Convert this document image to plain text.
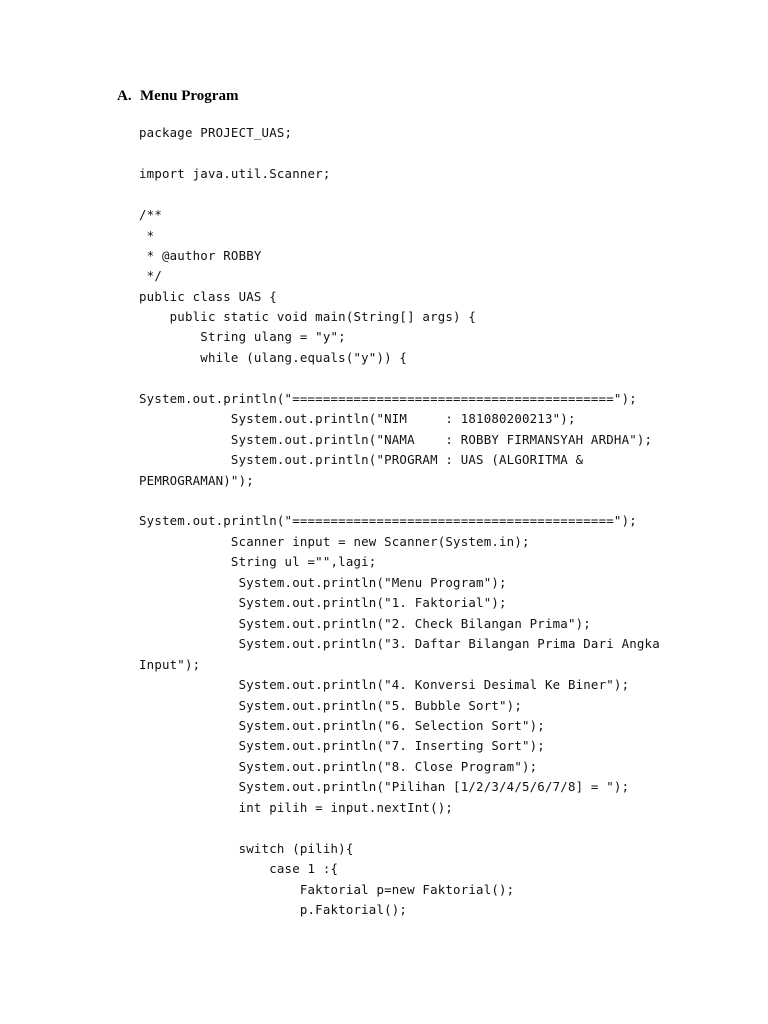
A. Menu Program
package PROJECT_UAS;
import java.util.Scanner;
/**
*
* @author ROBBY
*/
public class UAS {
public static void main(String[] args) {
String ulang = "y";
while (ulang.equals("y")) {
System.out.println("==========================================");
System.out.println("NIM     : 181080200213");
System.out.println("NAMA    : ROBBY FIRMANSYAH ARDHA");
System.out.println("PROGRAM : UAS (ALGORITMA &
PEMROGRAMAN)");
System.out.println("==========================================");
Scanner input = new Scanner(System.in);
String ul ="",lagi;
System.out.println("Menu Program");
System.out.println("1. Faktorial");
System.out.println("2. Check Bilangan Prima");
System.out.println("3. Daftar Bilangan Prima Dari Angka
Input");
System.out.println("4. Konversi Desimal Ke Biner");
System.out.println("5. Bubble Sort");
System.out.println("6. Selection Sort");
System.out.println("7. Inserting Sort");
System.out.println("8. Close Program");
System.out.println("Pilihan [1/2/3/4/5/6/7/8] = ");
int pilih = input.nextInt();
switch (pilih){
case 1 :{
Faktorial p=new Faktorial();
p.Faktorial();
